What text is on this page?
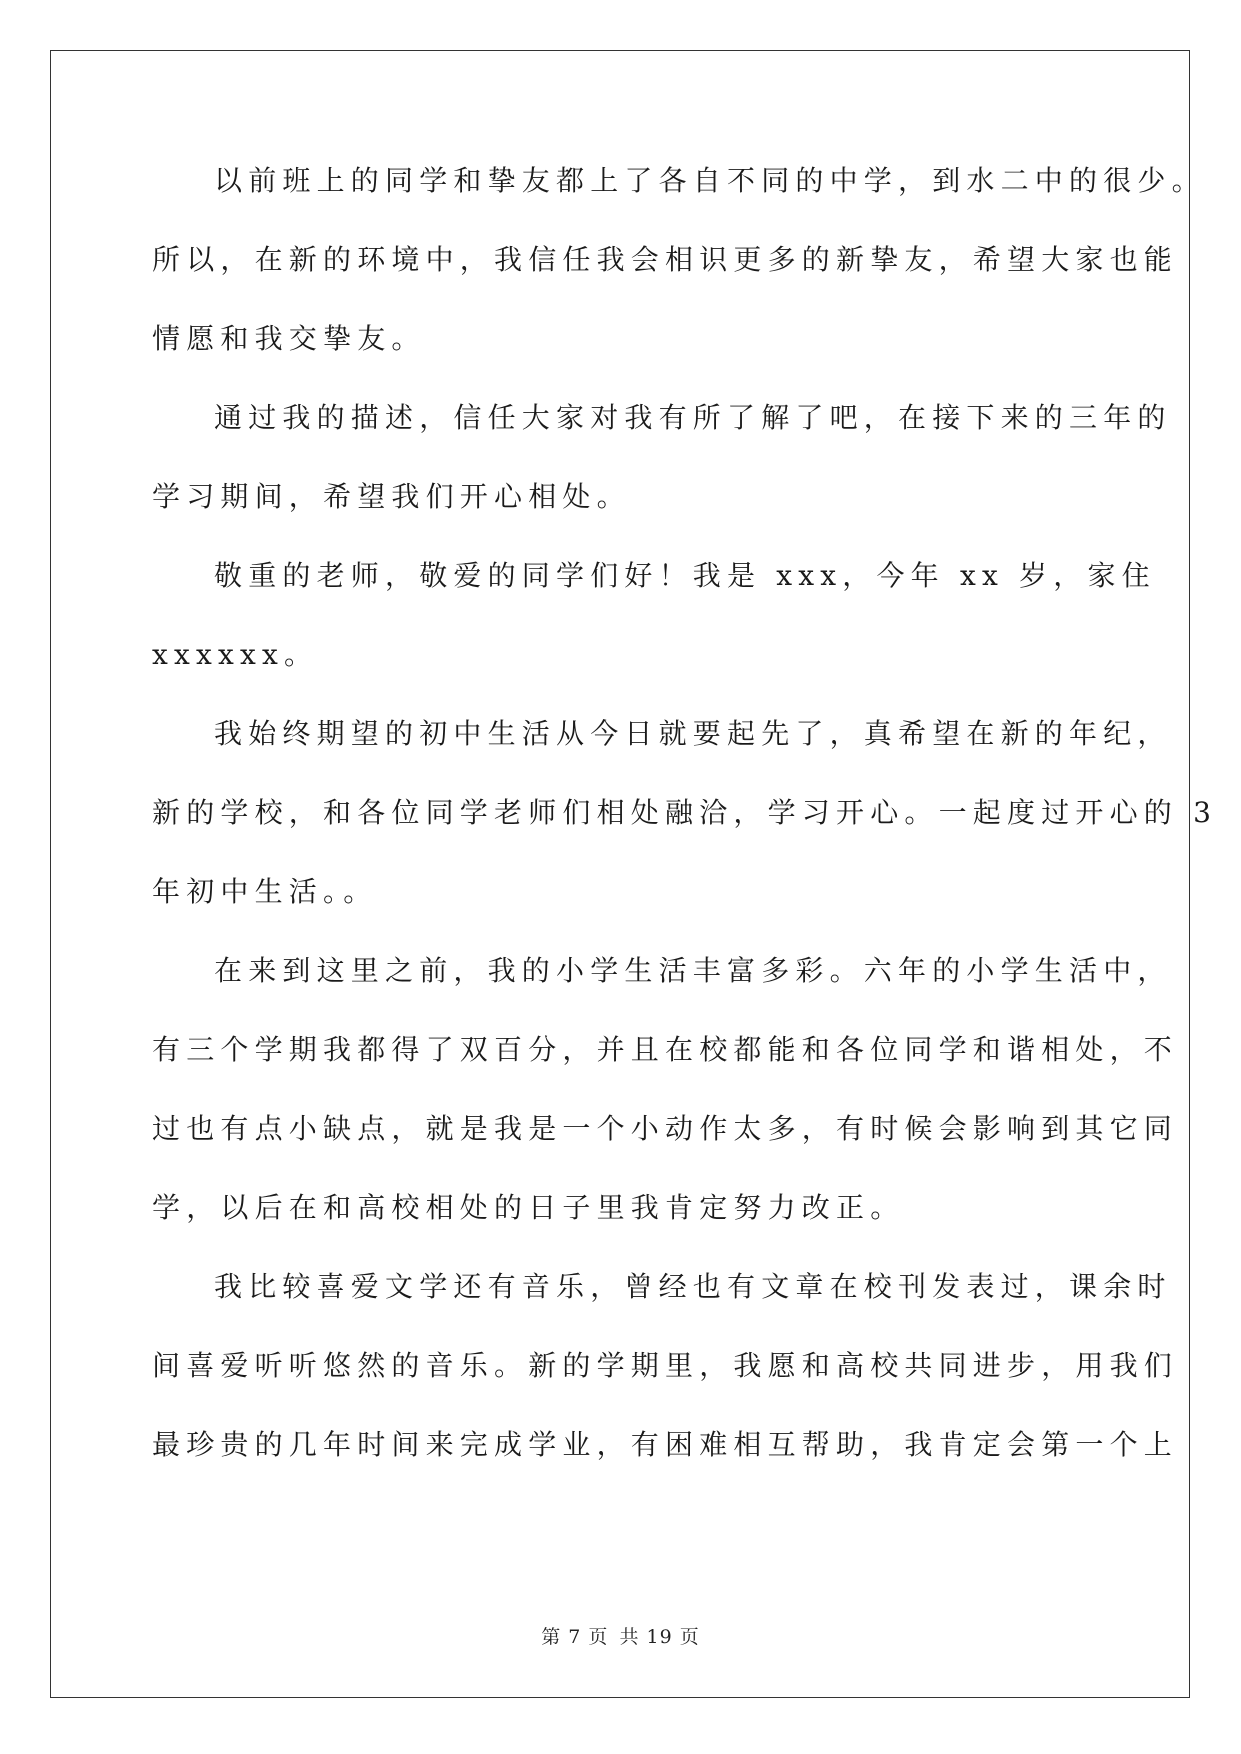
以前班上的同学和挚友都上了各自不同的中学，到水二中的很少。
所以，在新的环境中，我信任我会相识更多的新挚友，希望大家也能
情愿和我交挚友。
通过我的描述，信任大家对我有所了解了吧，在接下来的三年的
学习期间，希望我们开心相处。
敬重的老师，敬爱的同学们好！我是 xxx，今年 xx 岁，家住
xxxxxx。
我始终期望的初中生活从今日就要起先了，真希望在新的年纪，
新的学校，和各位同学老师们相处融洽，学习开心。一起度过开心的 3
年初中生活。。
在来到这里之前，我的小学生活丰富多彩。六年的小学生活中，
有三个学期我都得了双百分，并且在校都能和各位同学和谐相处，不
过也有点小缺点，就是我是一个小动作太多，有时候会影响到其它同
学，以后在和高校相处的日子里我肯定努力改正。
我比较喜爱文学还有音乐，曾经也有文章在校刊发表过，课余时
间喜爱听听悠然的音乐。新的学期里，我愿和高校共同进步，用我们
最珍贵的几年时间来完成学业，有困难相互帮助，我肯定会第一个上
第 7 页 共 19 页
